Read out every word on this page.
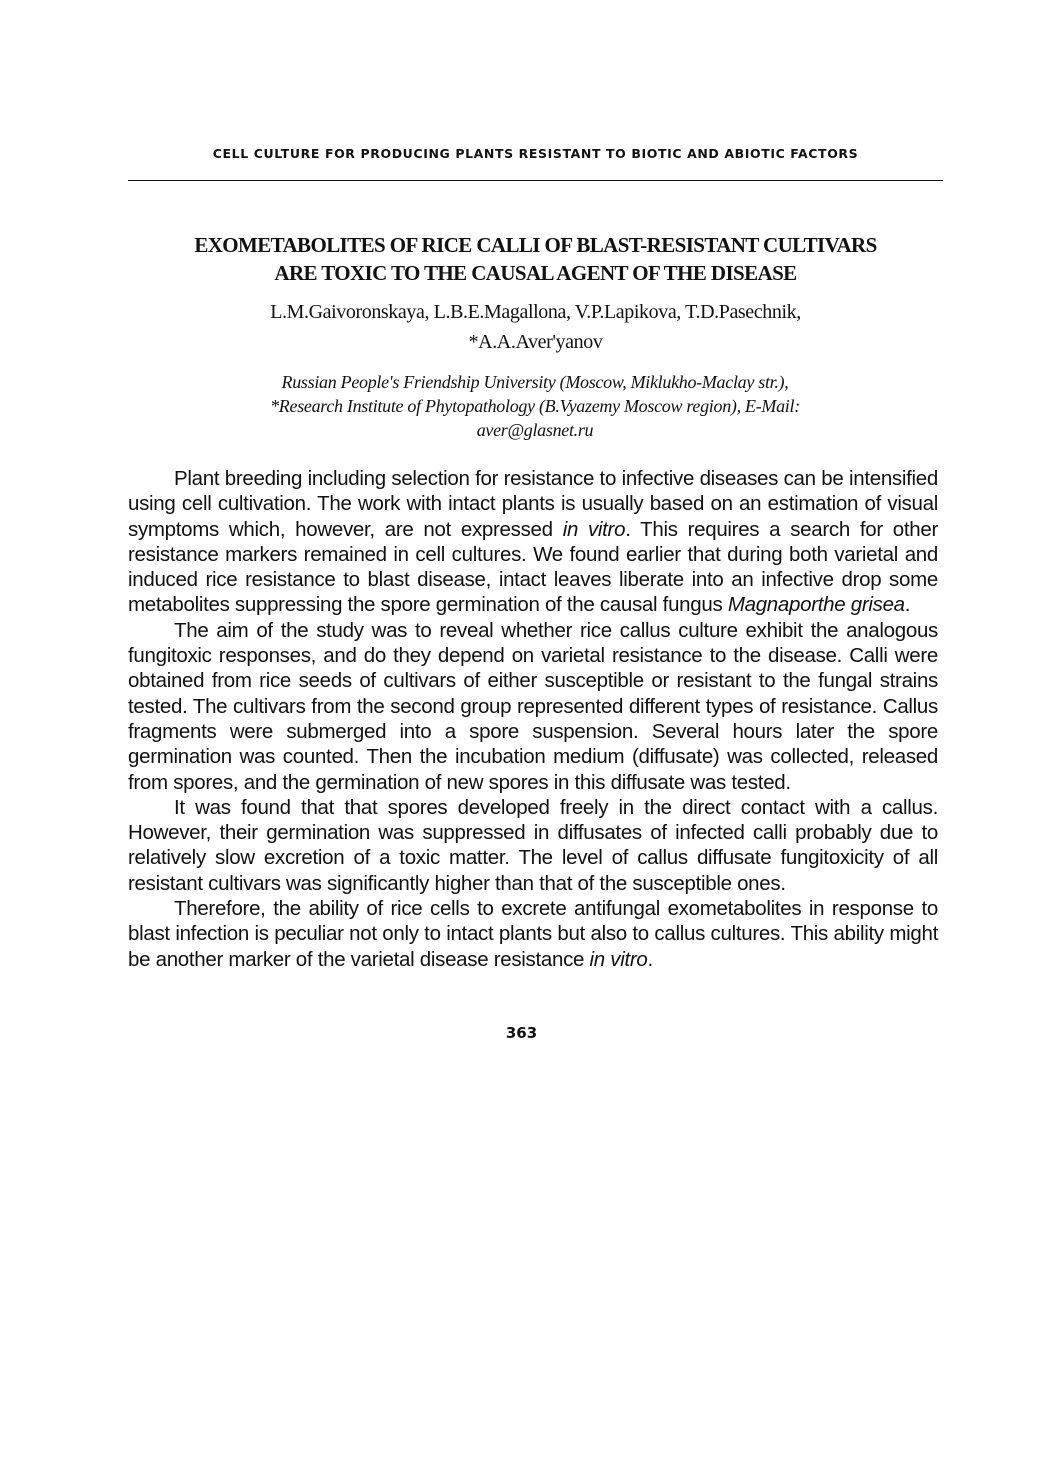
CELL CULTURE FOR PRODUCING PLANTS RESISTANT TO BIOTIC AND ABIOTIC FACTORS
EXOMETABOLITES OF RICE CALLI OF BLAST-RESISTANT CULTIVARS
ARE TOXIC TO THE CAUSAL AGENT OF THE DISEASE
L.M.Gaivoronskaya, L.B.E.Magallona, V.P.Lapikova, T.D.Pasechnik,
*A.A.Aver'yanov
Russian People's Friendship University (Moscow, Miklukho-Maclay str.),
*Research Institute of Phytopathology (B.Vyazemy Moscow region), E-Mail:
aver@glasnet.ru

Plant breeding including selection for resistance to infective diseases can be intensified using cell cultivation. The work with intact plants is usually based on an estimation of visual symptoms which, however, are not expressed in vitro. This requires a search for other resistance markers remained in cell cultures. We found earlier that during both varietal and induced rice resistance to blast disease, intact leaves liberate into an infective drop some metabolites suppressing the spore germination of the causal fungus Magnaporthe grisea.

The aim of the study was to reveal whether rice callus culture exhibit the analogous fungitoxic responses, and do they depend on varietal resistance to the disease. Calli were obtained from rice seeds of cultivars of either susceptible or resistant to the fungal strains tested. The cultivars from the second group represented different types of resistance. Callus fragments were submerged into a spore suspension. Several hours later the spore germination was counted. Then the incubation medium (diffusate) was collected, released from spores, and the germination of new spores in this diffusate was tested.

It was found that that spores developed freely in the direct contact with a callus. However, their germination was suppressed in diffusates of infected calli probably due to relatively slow excretion of a toxic matter. The level of callus diffusate fungitoxicity of all resistant cultivars was significantly higher than that of the susceptible ones.

Therefore, the ability of rice cells to excrete antifungal exometabolites in response to blast infection is peculiar not only to intact plants but also to callus cultures. This ability might be another marker of the varietal disease resistance in vitro.

363
